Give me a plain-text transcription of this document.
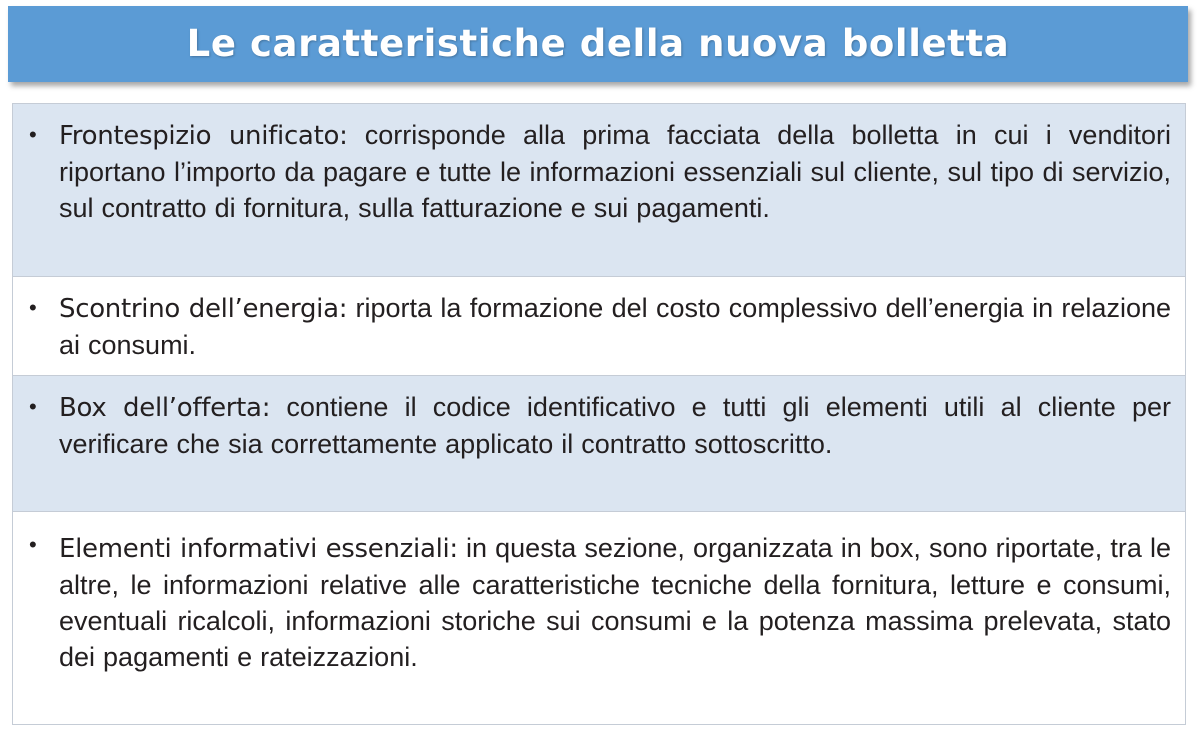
Le caratteristiche della nuova bolletta
• Frontespizio unificato: corrisponde alla prima facciata della bolletta in cui i venditori riportano l’importo da pagare e tutte le informazioni essenziali sul cliente, sul tipo di servizio, sul contratto di fornitura, sulla fatturazione e sui pagamenti.

• Scontrino dell’energia: riporta la formazione del costo complessivo dell’energia in relazione ai consumi.

• Box dell’offerta: contiene il codice identificativo e tutti gli elementi utili al cliente per verificare che sia correttamente applicato il contratto sottoscritto.

• Elementi informativi essenziali: in questa sezione, organizzata in box, sono riportate, tra le altre, le informazioni relative alle caratteristiche tecniche della fornitura, letture e consumi, eventuali ricalcoli, informazioni storiche sui consumi e la potenza massima prelevata, stato dei pagamenti e rateizzazioni.
